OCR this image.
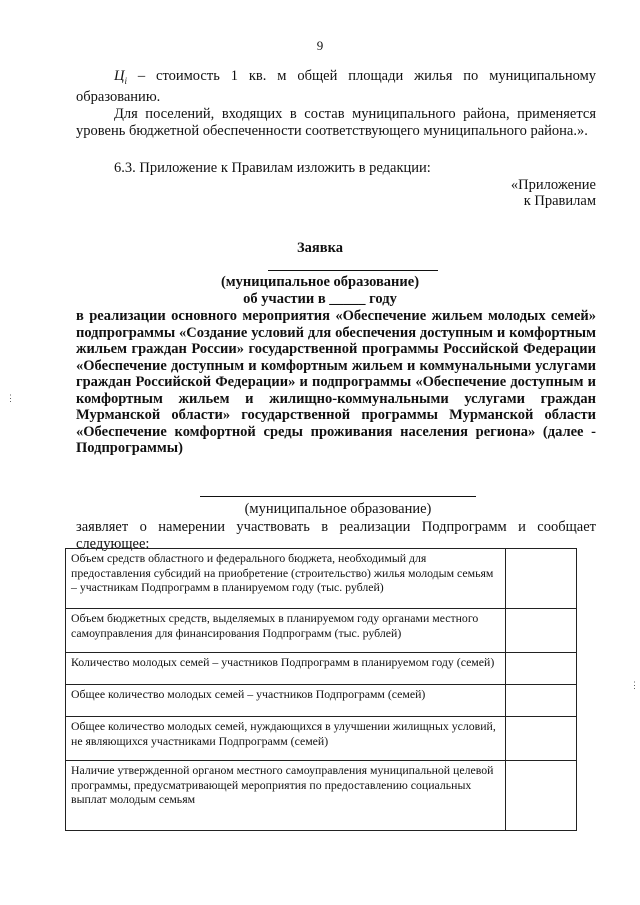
9
$Ц_i$ – стоимость 1 кв. м общей площади жилья по муниципальному образованию.
Для поселений, входящих в состав муниципального района, применяется уровень бюджетной обеспеченности соответствующего муниципального района.».
6.3. Приложение к Правилам изложить в редакции:
«Приложение
к Правилам
Заявка
(муниципальное образование)
об участии в _____ году
в реализации основного мероприятия «Обеспечение жильем молодых семей» подпрограммы «Создание условий для обеспечения доступным и комфортным жильем граждан России» государственной программы Российской Федерации «Обеспечение доступным и комфортным жильем и коммунальными услугами граждан Российской Федерации» и подпрограммы «Обеспечение доступным и комфортным жильем и жилищно-коммунальными услугами граждан Мурманской области» государственной программы Мурманской области «Обеспечение комфортной среды проживания населения региона» (далее - Подпрограммы)
(муниципальное образование)
заявляет о намерении участвовать в реализации Подпрограмм и сообщает следующее:
Объем средств областного и федерального бюджета, необходимый для предоставления субсидий на приобретение (строительство) жилья молодым семьям – участникам Подпрограмм в планируемом году (тыс. рублей)	
Объем бюджетных средств, выделяемых в планируемом году органами местного самоуправления для финансирования Подпрограмм (тыс. рублей)	
Количество молодых семей – участников Подпрограмм в планируемом году (семей)	
Общее количество молодых семей – участников Подпрограмм (семей)	
Общее количество молодых семей, нуждающихся в улучшении жилищных условий, не являющихся участниками Подпрограмм (семей)	
Наличие утвержденной органом местного самоуправления муниципальной целевой программы, предусматривающей мероприятия по предоставлению социальных выплат молодым семьям	
⋮
⋮
